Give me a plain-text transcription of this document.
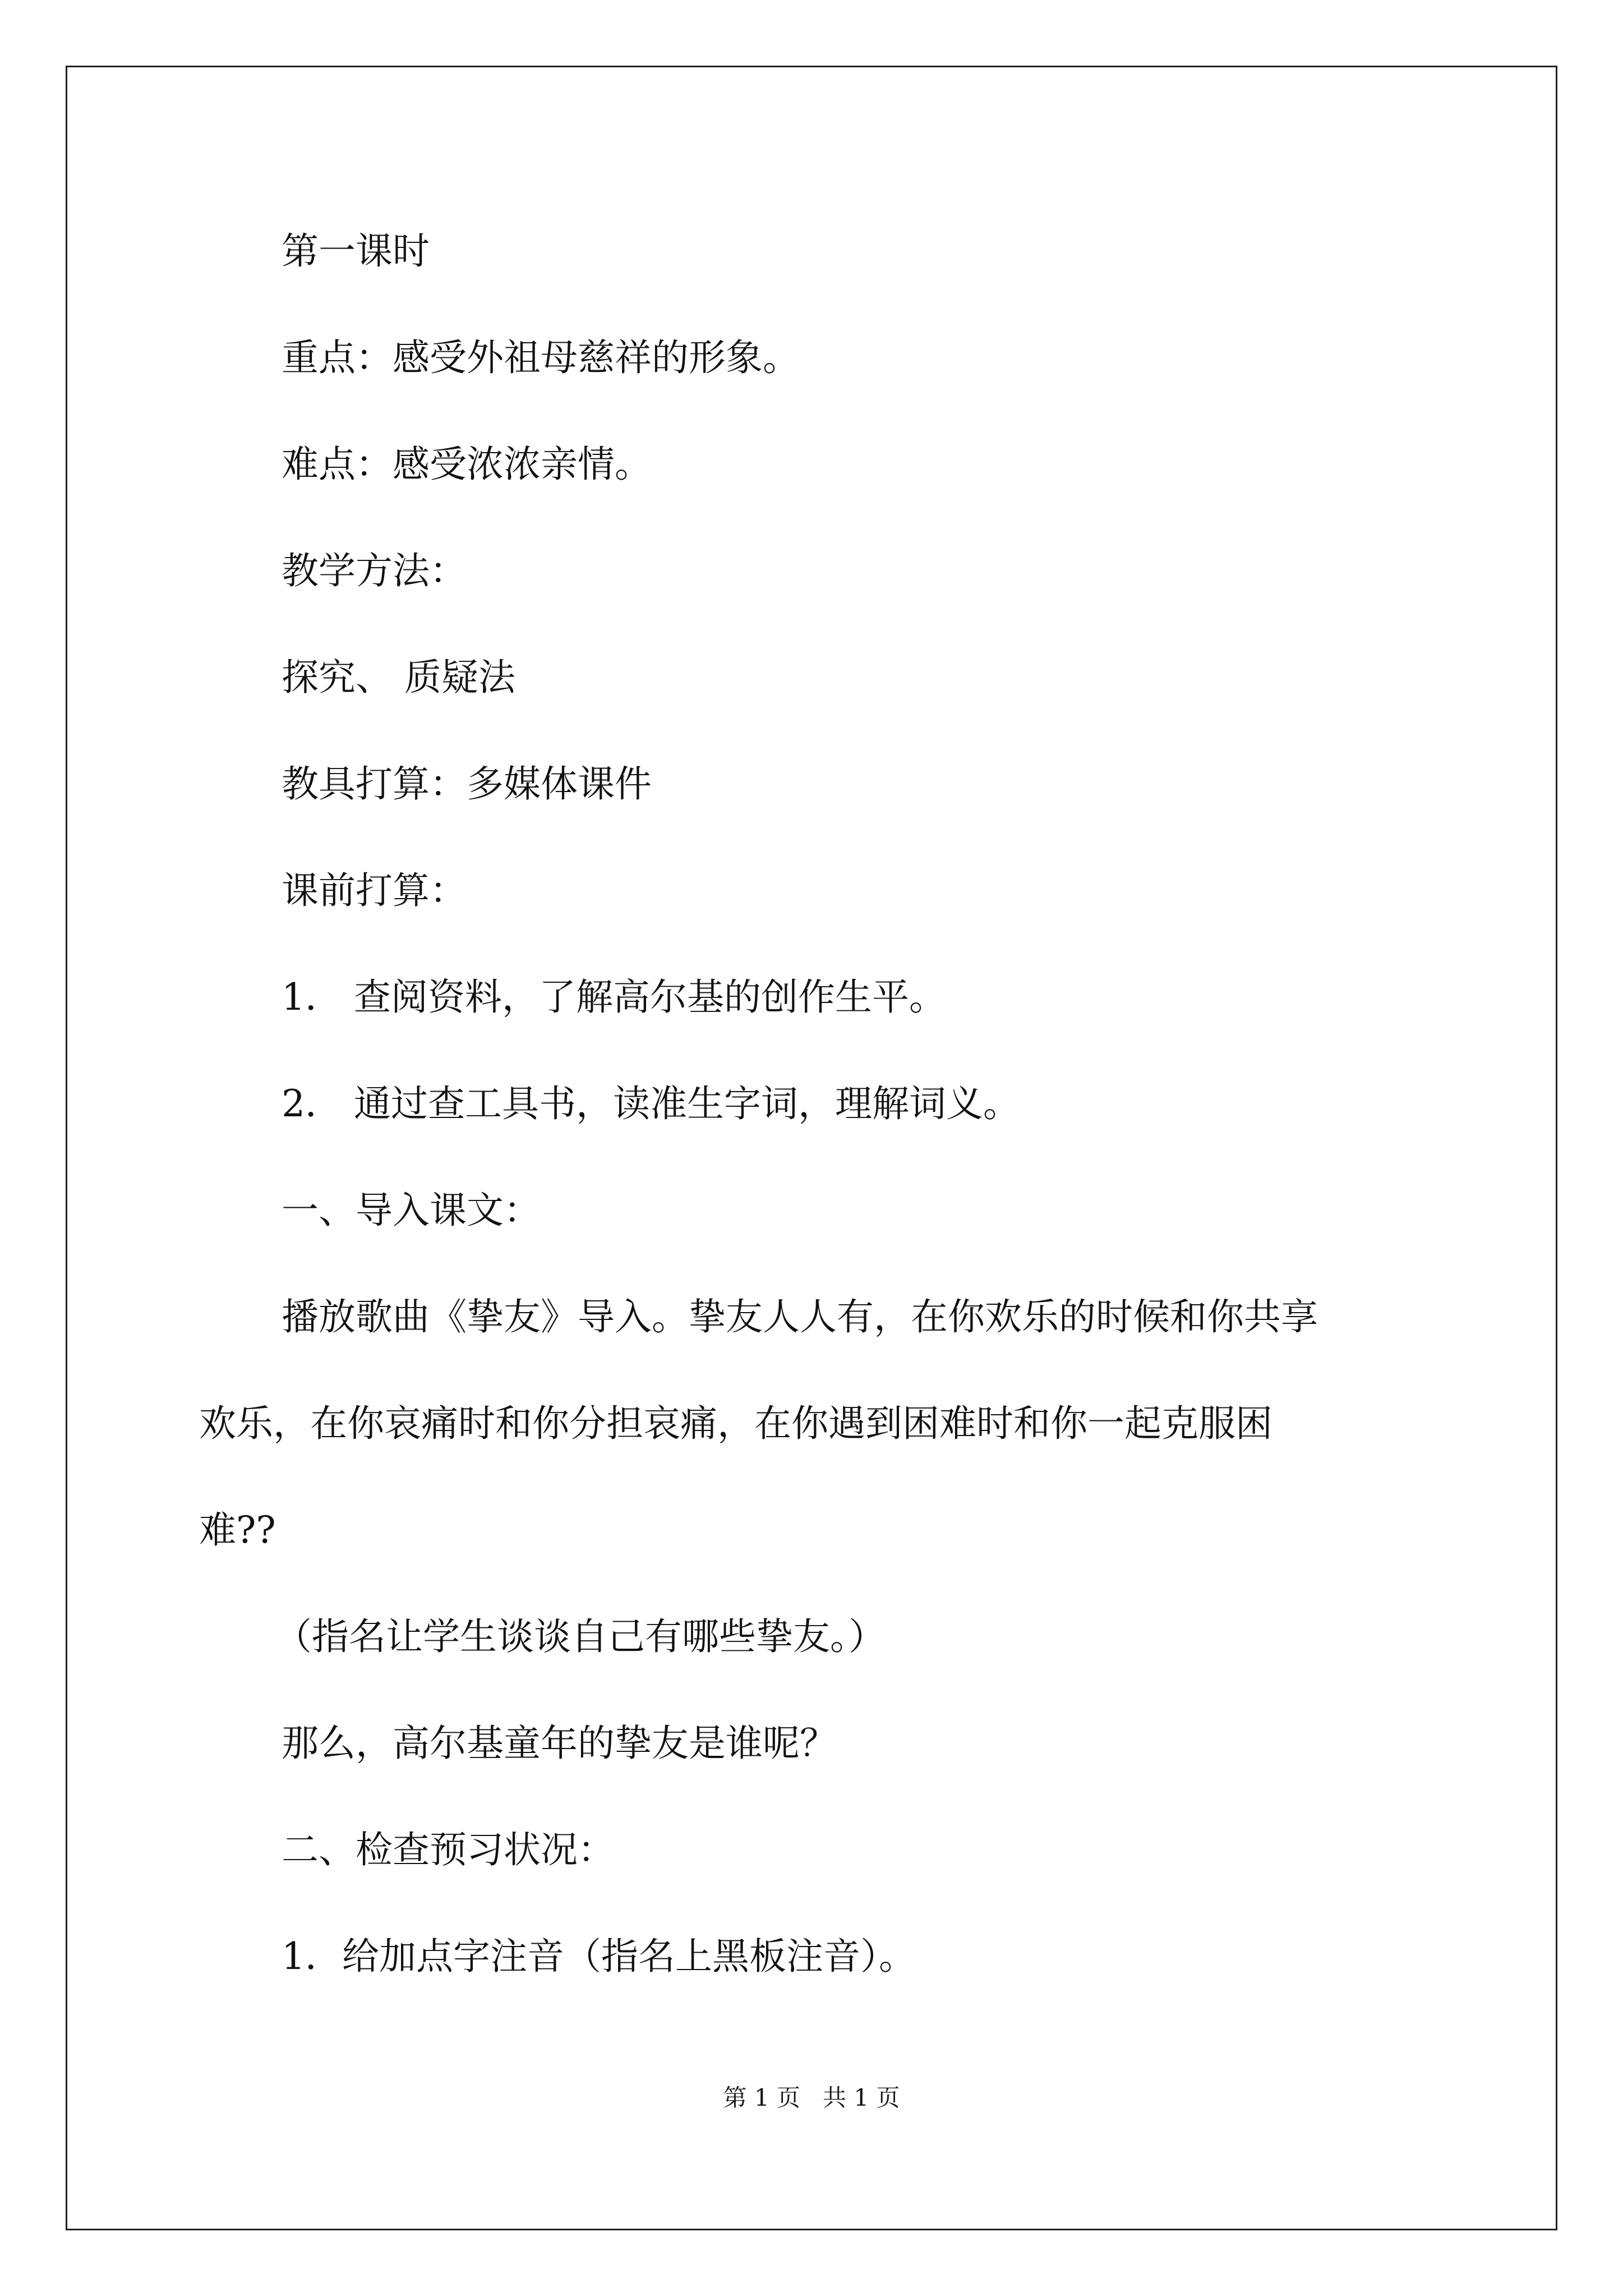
第一课时
重点：感受外祖母慈祥的形象。
难点：感受浓浓亲情。
教学方法：
探究、 质疑法
教具打算：多媒体课件
课前打算：
1． 查阅资料，了解高尔基的创作生平。
2． 通过查工具书，读准生字词，理解词义。
一、导入课文：
播放歌曲《挚友》导入。挚友人人有，在你欢乐的时候和你共享
欢乐，在你哀痛时和你分担哀痛，在你遇到困难时和你一起克服困
难??
（指名让学生谈谈自己有哪些挚友。）
那么，高尔基童年的挚友是谁呢？
二、检查预习状况：
1．给加点字注音（指名上黑板注音）。
第 1 页   共 1 页
